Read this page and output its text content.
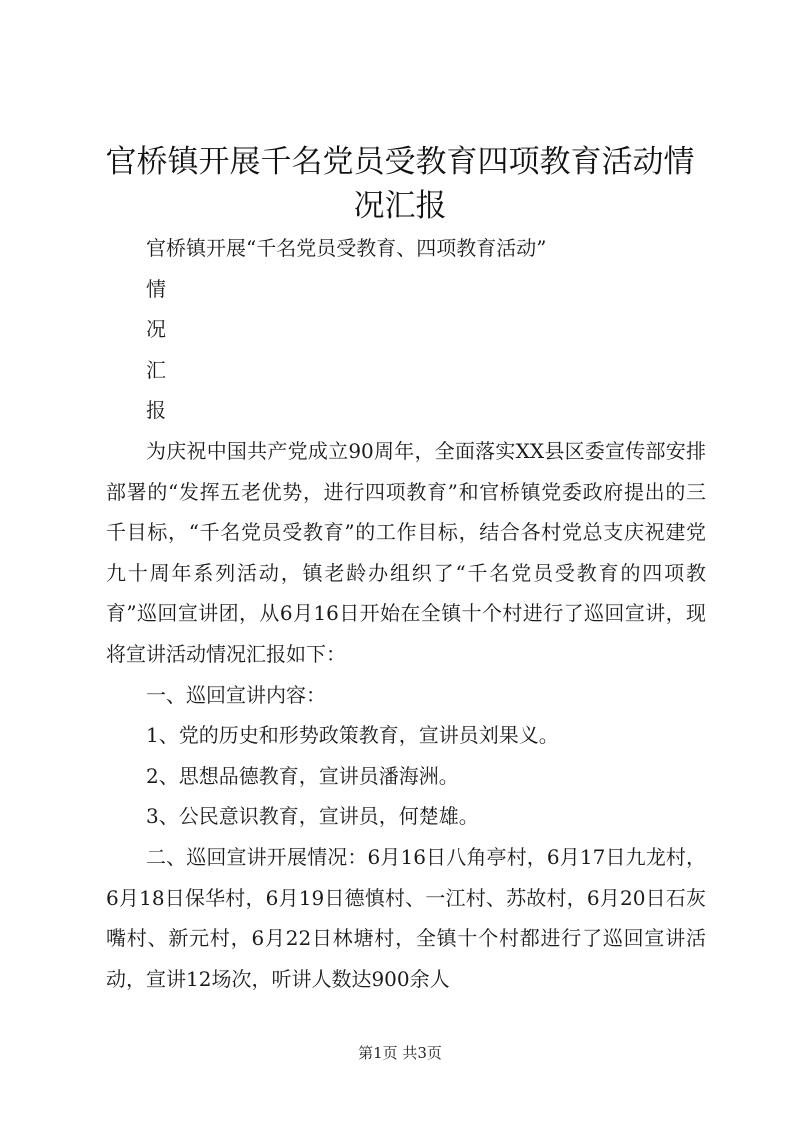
官桥镇开展千名党员受教育四项教育活动情况汇报

官桥镇开展“千名党员受教育、四项教育活动”

情

况

汇

报

为庆祝中国共产党成立90周年，全面落实XX县区委宣传部安排部署的“发挥五老优势，进行四项教育”和官桥镇党委政府提出的三千目标，“千名党员受教育”的工作目标，结合各村党总支庆祝建党九十周年系列活动，镇老龄办组织了“千名党员受教育的四项教育”巡回宣讲团，从6月16日开始在全镇十个村进行了巡回宣讲，现将宣讲活动情况汇报如下：

一、巡回宣讲内容：

1、党的历史和形势政策教育，宣讲员刘果义。

2、思想品德教育，宣讲员潘海洲。

3、公民意识教育，宣讲员，何楚雄。

二、巡回宣讲开展情况：6月16日八角亭村，6月17日九龙村，6月18日保华村，6月19日德慎村、一江村、苏故村，6月20日石灰嘴村、新元村，6月22日林塘村，全镇十个村都进行了巡回宣讲活动，宣讲12场次，听讲人数达900余人

第1页 共3页
